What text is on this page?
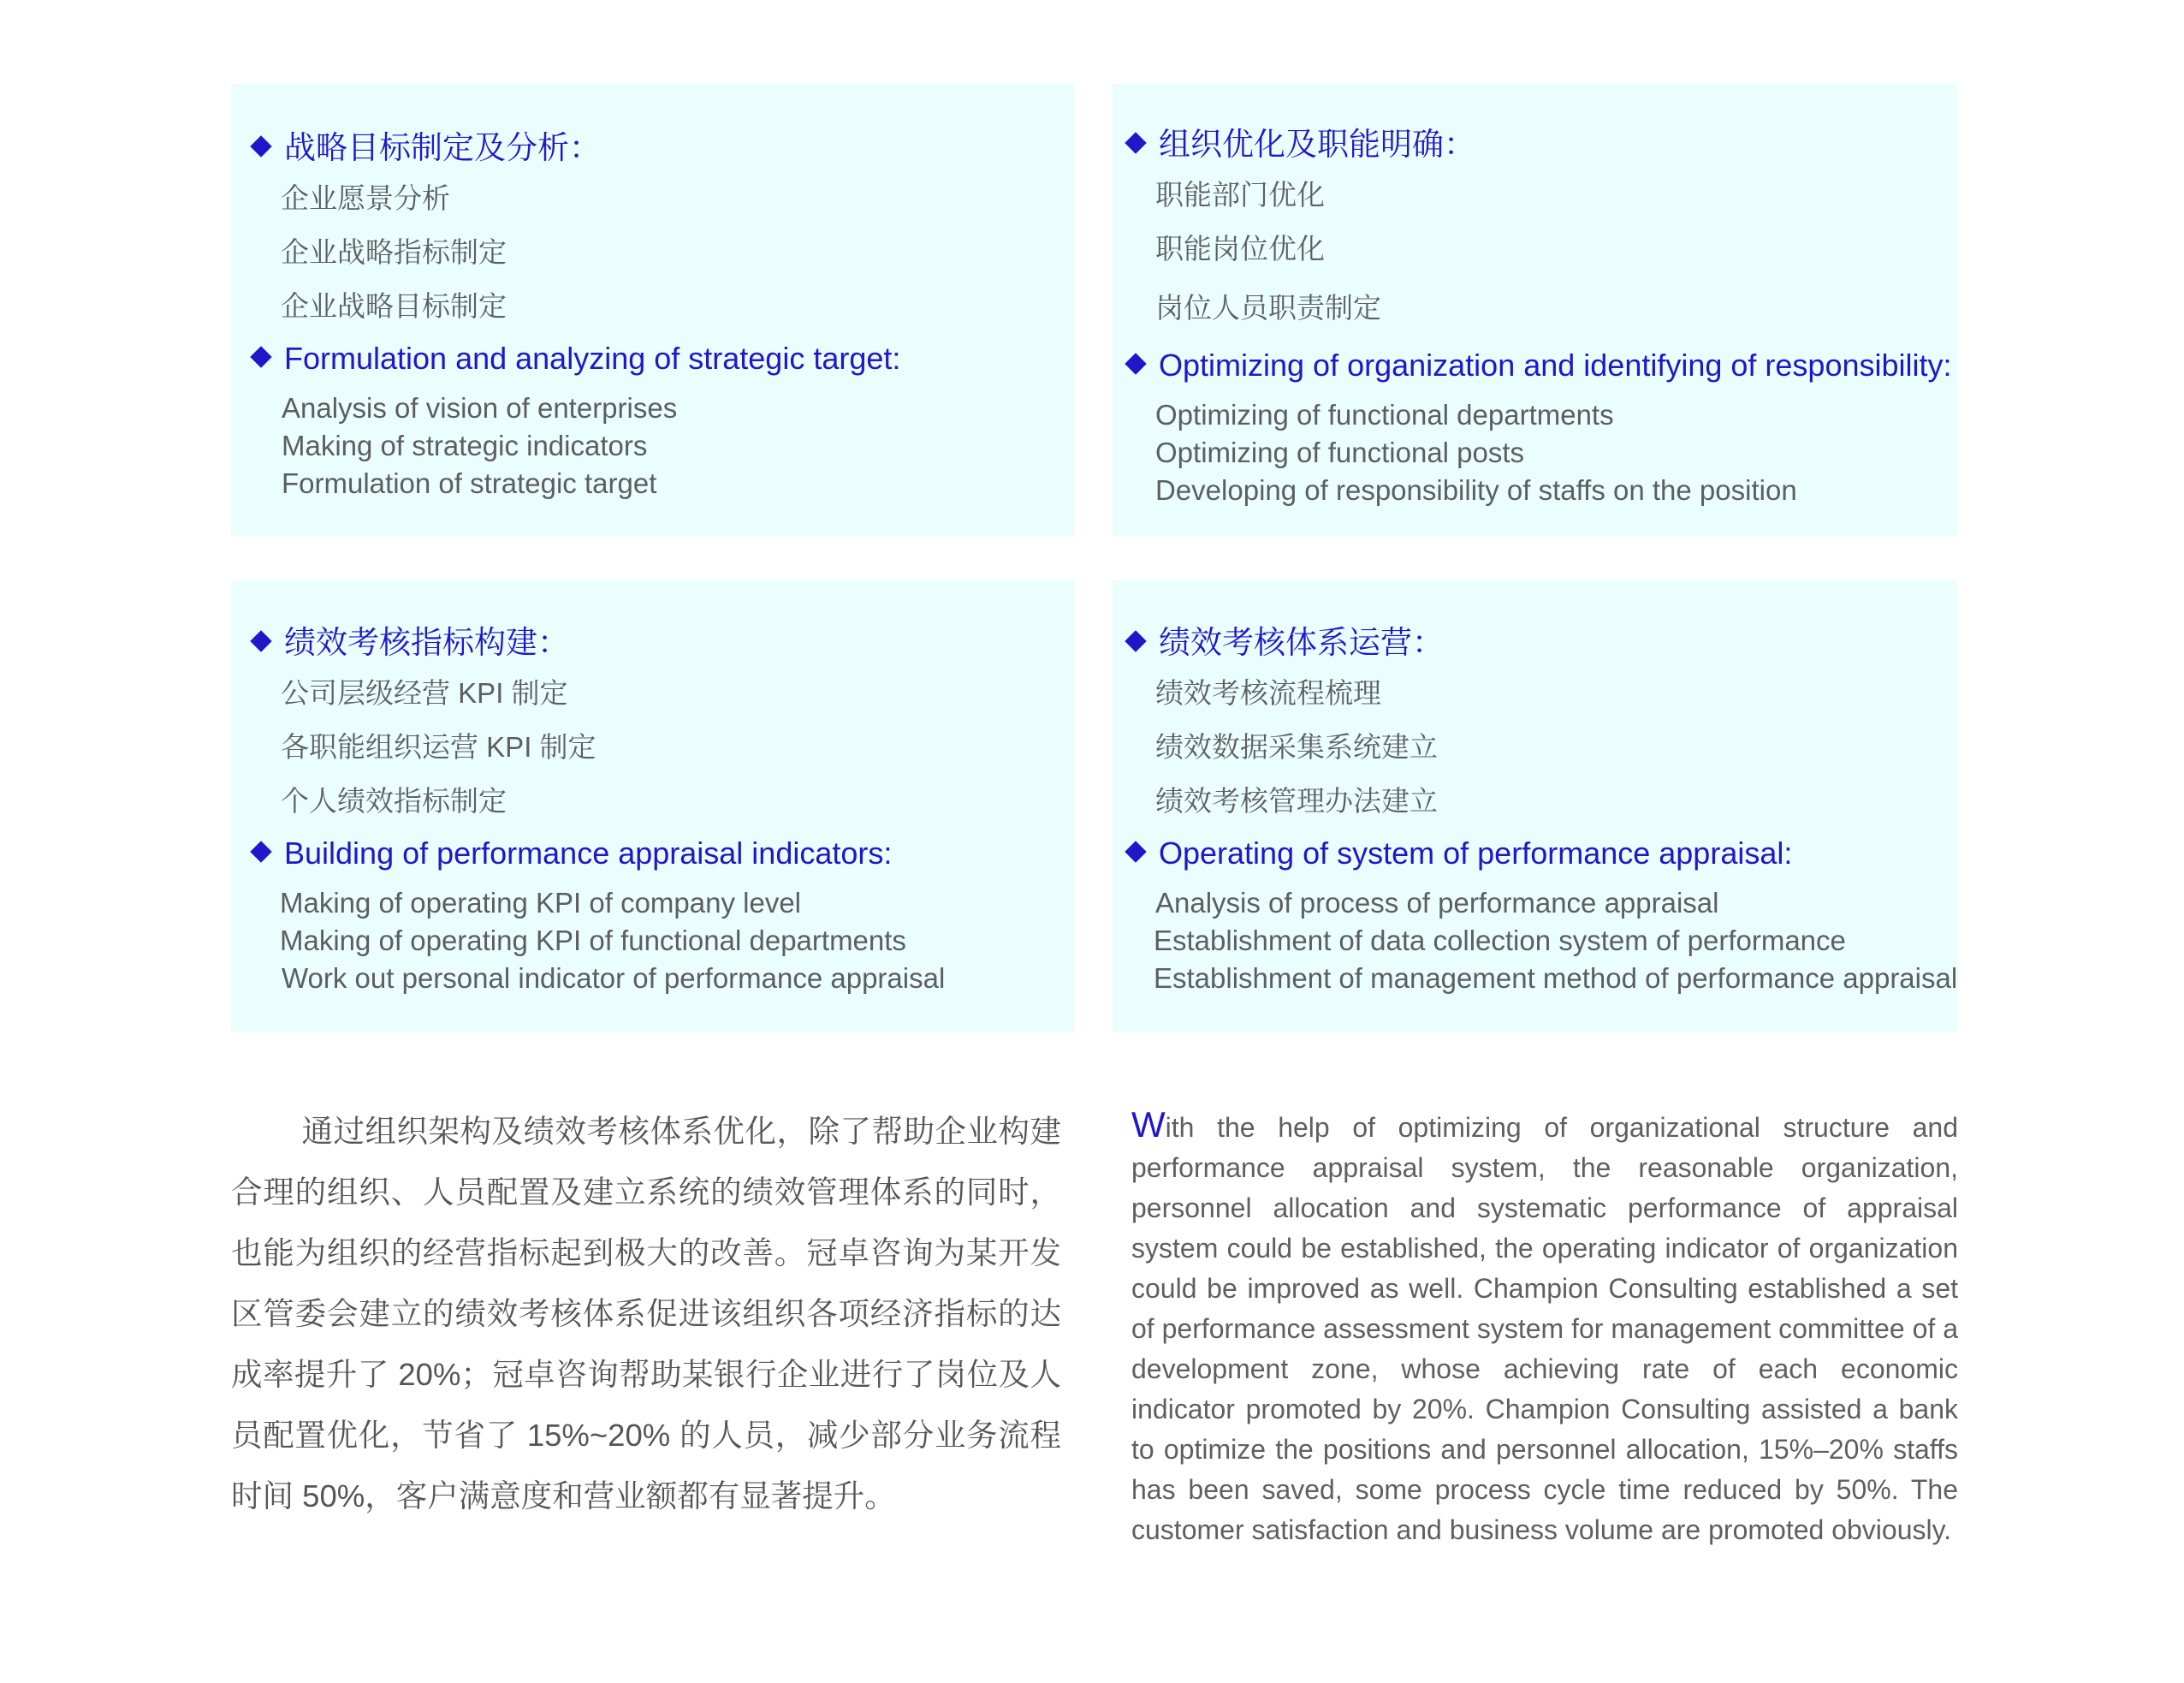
战略目标制定及分析：
企业愿景分析
企业战略指标制定
企业战略目标制定
Formulation and analyzing of strategic target:
Analysis of vision of enterprises
Making of strategic indicators
Formulation of strategic target
组织优化及职能明确：
职能部门优化
职能岗位优化
岗位人员职责制定
Optimizing of organization and identifying of responsibility:
Optimizing of functional departments
Optimizing of functional posts
Developing of responsibility of staffs on the position
绩效考核指标构建：
公司层级经营 KPI 制定
各职能组织运营 KPI 制定
个人绩效指标制定
Building of performance appraisal indicators:
Making of operating KPI of company level
Making of operating KPI of functional departments
Work out personal indicator of performance appraisal
绩效考核体系运营：
绩效考核流程梳理
绩效数据采集系统建立
绩效考核管理办法建立
Operating of system of performance appraisal:
Analysis of process of performance appraisal
Establishment of data collection system of performance
Establishment of management method of performance appraisal

通过组织架构及绩效考核体系优化，除了帮助企业构建合理的组织、人员配置及建立系统的绩效管理体系的同时，也能为组织的经营指标起到极大的改善。冠卓咨询为某开发区管委会建立的绩效考核体系促进该组织各项经济指标的达成率提升了 20%；冠卓咨询帮助某银行企业进行了岗位及人员配置优化，节省了 15%~20% 的人员，减少部分业务流程时间 50%，客户满意度和营业额都有显著提升。

With the help of optimizing of organizational structure and performance appraisal system, the reasonable organization, personnel allocation and systematic performance of appraisal system could be established, the operating indicator of organization could be improved as well. Champion Consulting established a set of performance assessment system for management committee of a development zone, whose achieving rate of each economic indicator promoted by 20%. Champion Consulting assisted a bank to optimize the positions and personnel allocation, 15%–20% staffs has been saved, some process cycle time reduced by 50%. The customer satisfaction and business volume are promoted obviously.
